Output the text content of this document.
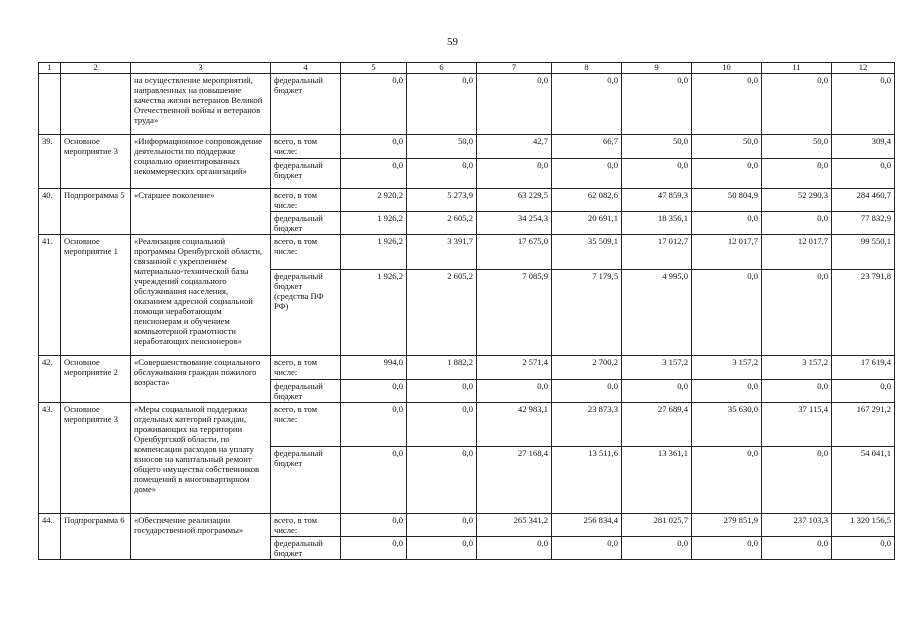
59
1	2	3	4	5	6	7	8	9	10	11	12
		на осуществление мероприятий, направленных на повышение качества жизни ветеранов Великой Отечественной войны и ветеранов труда»	федеральный бюджет	0,0	0,0	0,0	0,0	0,0	0,0	0,0	0,0
39.	Основное мероприятие 3	«Информационное сопровождение деятельности по поддержке социально ориентированных некоммерческих организаций»	всего, в том числе:	0,0	50,0	42,7	66,7	50,0	50,0	50,0	309,4
			федеральный бюджет	0,0	0,0	0,0	0,0	0,0	0,0	0,0	0,0
40.	Подпрограмма 5	«Старшее поколение»	всего, в том числе:	2 920,2	5 273,9	63 229,5	62 082,6	47 859,3	50 804,9	52 290,3	284 460,7
			федеральный бюджет	1 926,2	2 605,2	34 254,3	20 691,1	18 356,1	0,0	0,0	77 832,9
41.	Основное мероприятие 1	«Реализация социальной программы Оренбургской области, связанной с укреплением материально-технической базы учреждений социального обслуживания населения, оказанием адресной социальной помощи неработающим пенсионерам и обучением компьютерной грамотности неработающих пенсионеров»	всего, в том числе:	1 926,2	3 391,7	17 675,0	35 509,1	17 012,7	12 017,7	12 017,7	99 550,1
			федеральный бюджет (средства ПФ РФ)	1 926,2	2 605,2	7 085,9	7 179,5	4 995,0	0,0	0,0	23 791,8
42.	Основное мероприятие 2	«Совершенствование социального обслуживания граждан пожилого возраста»	всего, в том числе:	994,0	1 882,2	2 571,4	2 700,2	3 157,2	3 157,2	3 157,2	17 619,4
			федеральный бюджет	0,0	0,0	0,0	0,0	0,0	0,0	0,0	0,0
43.	Основное мероприятие 3	«Меры социальной поддержки отдельных категорий граждан, проживающих на территории Оренбургской области, по компенсации расходов на уплату взносов на капитальный ремонт общего имущества собственников помещений в многоквартирном доме»	всего, в том числе:	0,0	0,0	42 983,1	23 873,3	27 689,4	35 630,0	37 115,4	167 291,2
			федеральный бюджет	0,0	0,0	27 168,4	13 511,6	13 361,1	0,0	0,0	54 041,1
44.	Подпрограмма 6	«Обеспечение реализации государственной программы»	всего, в том числе:	0,0	0,0	265 341,2	256 834,4	281 025,7	279 851,9	237 103,3	1 320 156,5
			федеральный бюджет	0,0	0,0	0,0	0,0	0,0	0,0	0,0	0,0
